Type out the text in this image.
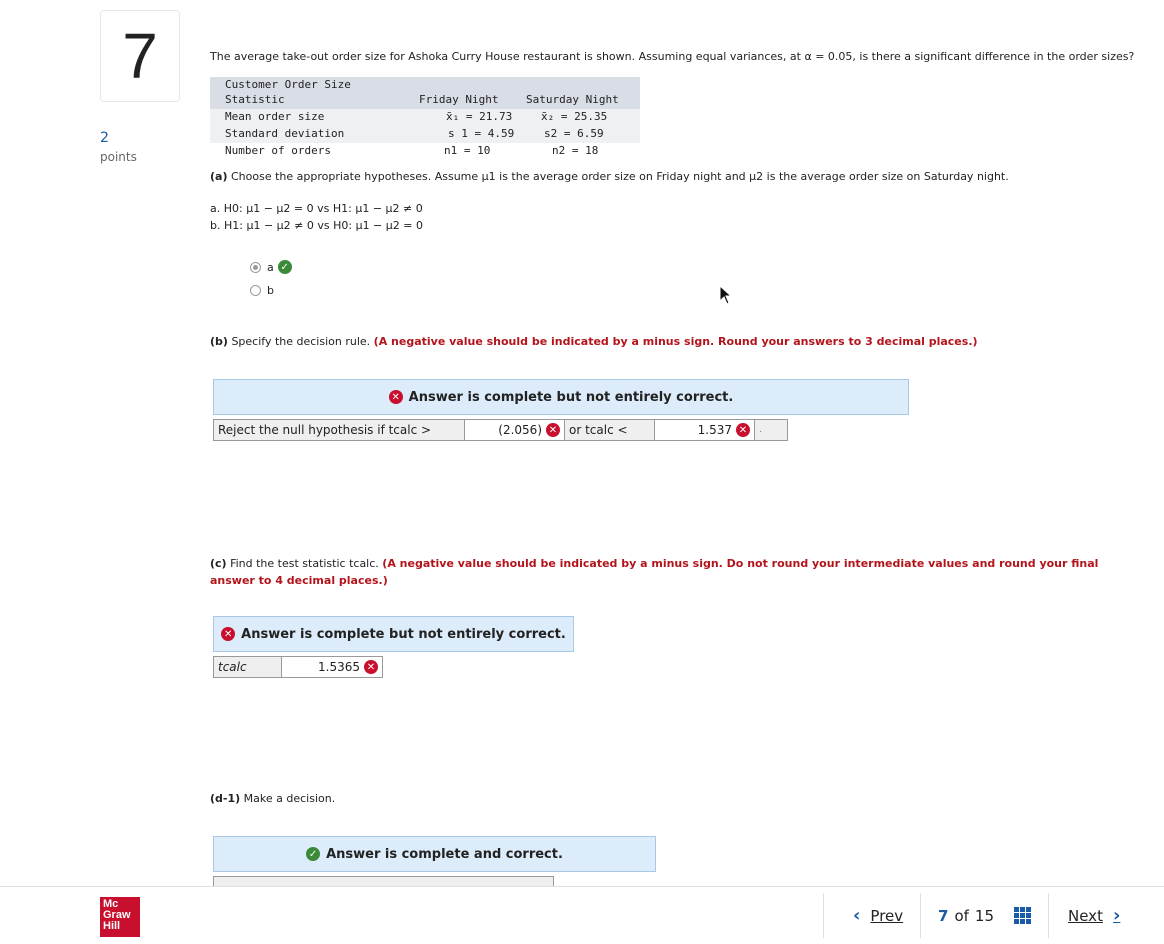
7
2
points
The average take-out order size for Ashoka Curry House restaurant is shown. Assuming equal variances, at α = 0.05, is there a significant difference in the order sizes?
Customer Order Size
Statistic	Friday Night	Saturday Night
Mean order size	x̄₁ = 21.73	x̄₂ = 25.35
Standard deviation	s 1 = 4.59	s2 = 6.59
Number of orders	n1 = 10	n2 = 18
(a) Choose the appropriate hypotheses. Assume μ1 is the average order size on Friday night and μ2 is the average order size on Saturday night.
a. H0: μ1 − μ2 = 0 vs H1: μ1 − μ2 ≠ 0
b. H1: μ1 − μ2 ≠ 0 vs H0: μ1 − μ2 = 0
a ✓
b
(b) Specify the decision rule. (A negative value should be indicated by a minus sign. Round your answers to 3 decimal places.)
✕ Answer is complete but not entirely correct.
Reject the null hypothesis if tcalc >	(2.056) ✕ or tcalc <	1.537 ✕	.
(c) Find the test statistic tcalc. (A negative value should be indicated by a minus sign. Do not round your intermediate values and round your final answer to 4 decimal places.)
✕ Answer is complete but not entirely correct.
tcalc	1.5365 ✕
(d-1) Make a decision.
✓ Answer is complete and correct.
Mc
Graw
Hill	‹ Prev 7 of 15	Next ›
